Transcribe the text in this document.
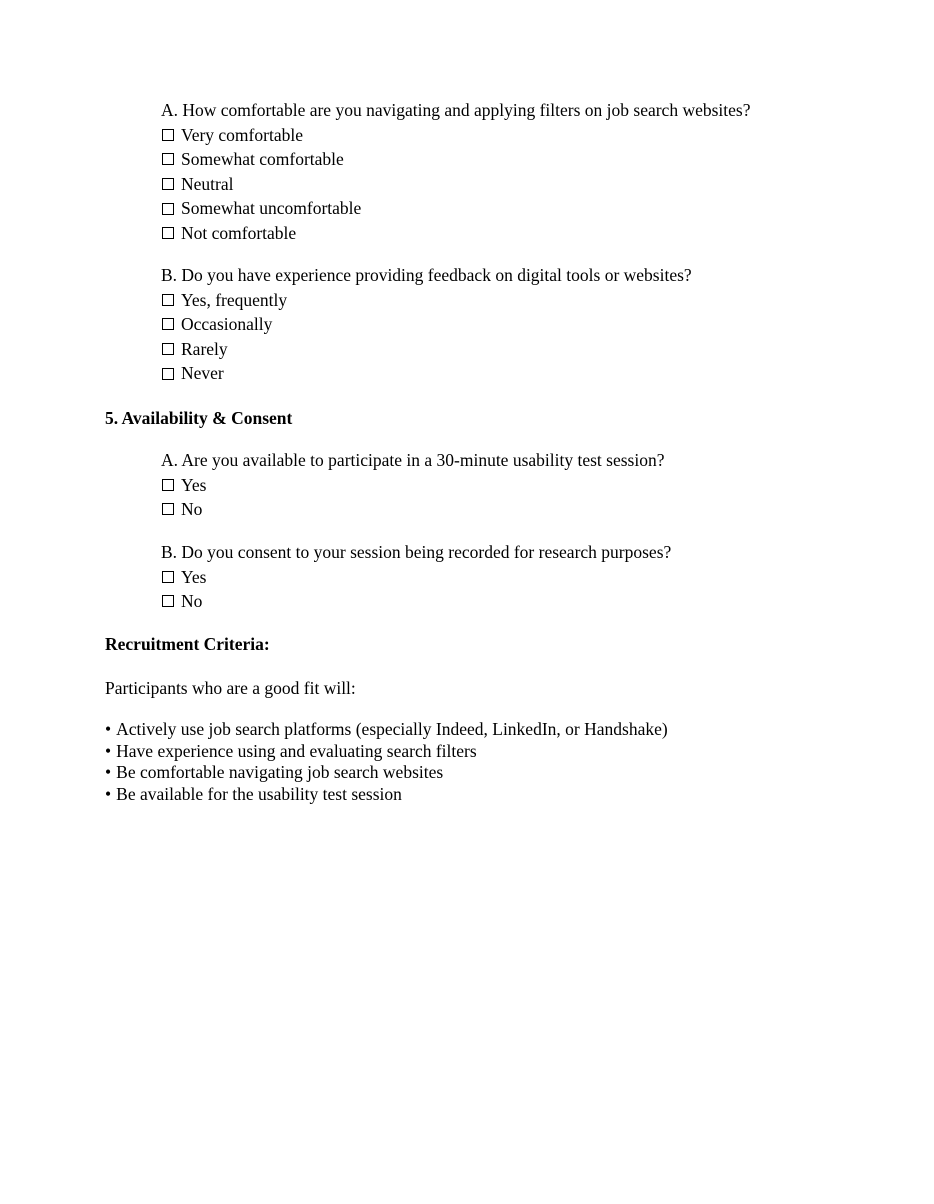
A. How comfortable are you navigating and applying filters on job search websites?
Very comfortable
Somewhat comfortable
Neutral
Somewhat uncomfortable
Not comfortable
B. Do you have experience providing feedback on digital tools or websites?
Yes, frequently
Occasionally
Rarely
Never
5. Availability & Consent
A. Are you available to participate in a 30-minute usability test session?
Yes
No
B. Do you consent to your session being recorded for research purposes?
Yes
No
Recruitment Criteria:
Participants who are a good fit will:
• Actively use job search platforms (especially Indeed, LinkedIn, or Handshake)
• Have experience using and evaluating search filters
• Be comfortable navigating job search websites
• Be available for the usability test session
